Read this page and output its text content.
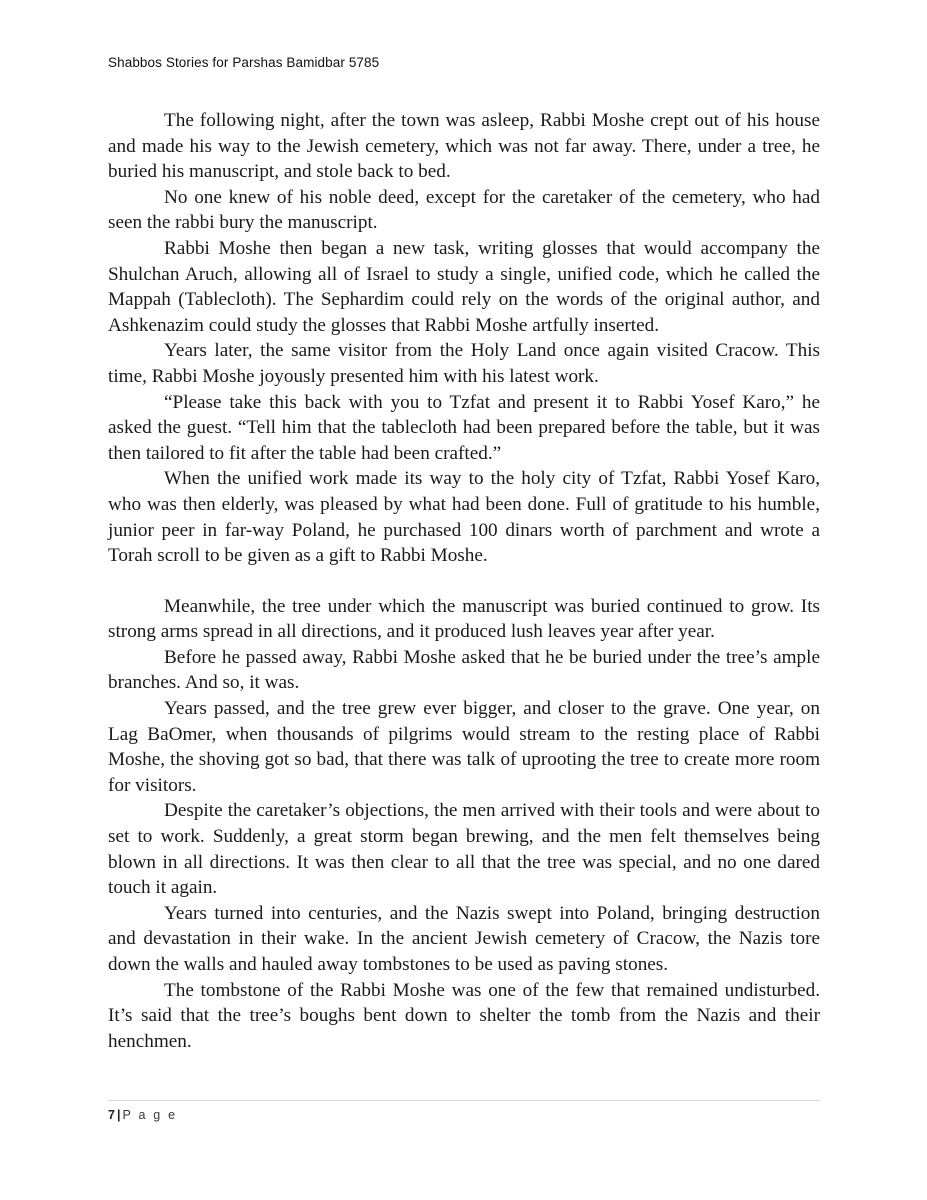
Shabbos Stories for Parshas Bamidbar 5785

The following night, after the town was asleep, Rabbi Moshe crept out of his house and made his way to the Jewish cemetery, which was not far away. There, under a tree, he buried his manuscript, and stole back to bed.

No one knew of his noble deed, except for the caretaker of the cemetery, who had seen the rabbi bury the manuscript.

Rabbi Moshe then began a new task, writing glosses that would accompany the Shulchan Aruch, allowing all of Israel to study a single, unified code, which he called the Mappah (Tablecloth). The Sephardim could rely on the words of the original author, and Ashkenazim could study the glosses that Rabbi Moshe artfully inserted.

Years later, the same visitor from the Holy Land once again visited Cracow. This time, Rabbi Moshe joyously presented him with his latest work.

“Please take this back with you to Tzfat and present it to Rabbi Yosef Karo,” he asked the guest. “Tell him that the tablecloth had been prepared before the table, but it was then tailored to fit after the table had been crafted.”

When the unified work made its way to the holy city of Tzfat, Rabbi Yosef Karo, who was then elderly, was pleased by what had been done. Full of gratitude to his humble, junior peer in far-way Poland, he purchased 100 dinars worth of parchment and wrote a Torah scroll to be given as a gift to Rabbi Moshe.

Meanwhile, the tree under which the manuscript was buried continued to grow. Its strong arms spread in all directions, and it produced lush leaves year after year.

Before he passed away, Rabbi Moshe asked that he be buried under the tree’s ample branches. And so, it was.

Years passed, and the tree grew ever bigger, and closer to the grave. One year, on Lag BaOmer, when thousands of pilgrims would stream to the resting place of Rabbi Moshe, the shoving got so bad, that there was talk of uprooting the tree to create more room for visitors.

Despite the caretaker’s objections, the men arrived with their tools and were about to set to work. Suddenly, a great storm began brewing, and the men felt themselves being blown in all directions. It was then clear to all that the tree was special, and no one dared touch it again.

Years turned into centuries, and the Nazis swept into Poland, bringing destruction and devastation in their wake. In the ancient Jewish cemetery of Cracow, the Nazis tore down the walls and hauled away tombstones to be used as paving stones.

The tombstone of the Rabbi Moshe was one of the few that remained undisturbed. It’s said that the tree’s boughs bent down to shelter the tomb from the Nazis and their henchmen.

7 | P a g e
